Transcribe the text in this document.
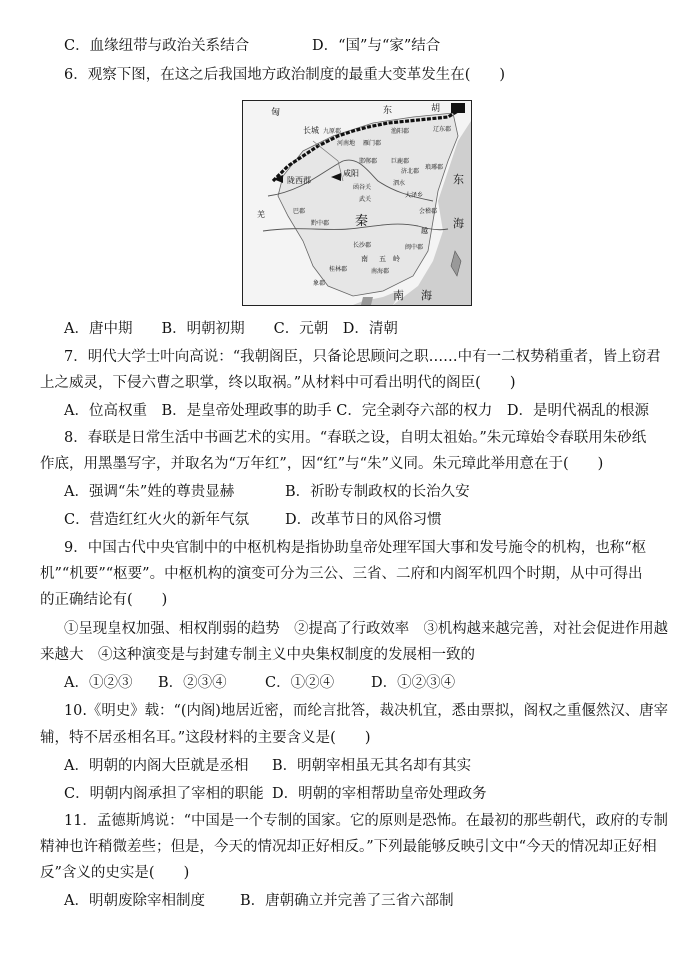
C．血缘纽带与政治关系结合	D．“国”与“家”结合
6．观察下图，在这之后我国地方政治制度的最重大变革发生在(　　)
匈	东	胡
长城 九原郡
雁门郡
渔阳郡	辽东郡
河南地
邯郸郡 巨鹿郡
济北郡
琅琊郡
咸阳
陇西郡
函谷关
泗水
武关
大泽乡
会稽郡
羌	巴郡
秦
黔中郡
越
东
海
长沙郡
南 五 岭
闽中郡
桂林郡	南海郡
象郡
南 海
A．唐中期　　B．明朝初期　　C．元朝　D．清朝
7．明代大学士叶向高说：“我朝阁臣，只备论思顾问之职……中有一二权势稍重者，皆上窃君
上之威灵，下侵六曹之职掌，终以取祸。”从材料中可看出明代的阁臣(　　)
A．位高权重　B．是皇帝处理政事的助手 C．完全剥夺六部的权力　D．是明代祸乱的根源
8．春联是日常生活中书画艺术的实用。“春联之设，自明太祖始。”朱元璋始令春联用朱砂纸
作底，用黑墨写字，并取名为“万年红”，因“红”与“朱”义同。朱元璋此举用意在于(　　)
A．强调“朱”姓的尊贵显赫	B．祈盼专制政权的长治久安
C．营造红红火火的新年气氛 D．改革节日的风俗习惯
9．中国古代中央官制中的中枢机构是指协助皇帝处理军国大事和发号施令的机构，也称“枢
机”“机要”“枢要”。中枢机构的演变可分为三公、三省、二府和内阁军机四个时期，从中可得出
的正确结论有(　　)
①呈现皇权加强、相权削弱的趋势　②提高了行政效率　③机构越来越完善，对社会促进作用越
来越大　④这种演变是与封建专制主义中央集权制度的发展相一致的
A．①②③ B．②③④	C．①②④	D．①②③④
10.《明史》载：“(内阁)地居近密，而纶言批答，裁决机宜，悉由票拟，阁权之重偃然汉、唐宰
辅，特不居丞相名耳。”这段材料的主要含义是(　　)
A．明朝的内阁大臣就是丞相 B．明朝宰相虽无其名却有其实
C．明朝内阁承担了宰相的职能 D．明朝的宰相帮助皇帝处理政务
11．孟德斯鸠说：“中国是一个专制的国家。它的原则是恐怖。在最初的那些朝代，政府的专制
精神也许稍微差些；但是，今天的情况却正好相反。”下列最能够反映引文中“今天的情况却正好相
反”含义的史实是(　　)
A．明朝废除宰相制度 B．唐朝确立并完善了三省六部制
